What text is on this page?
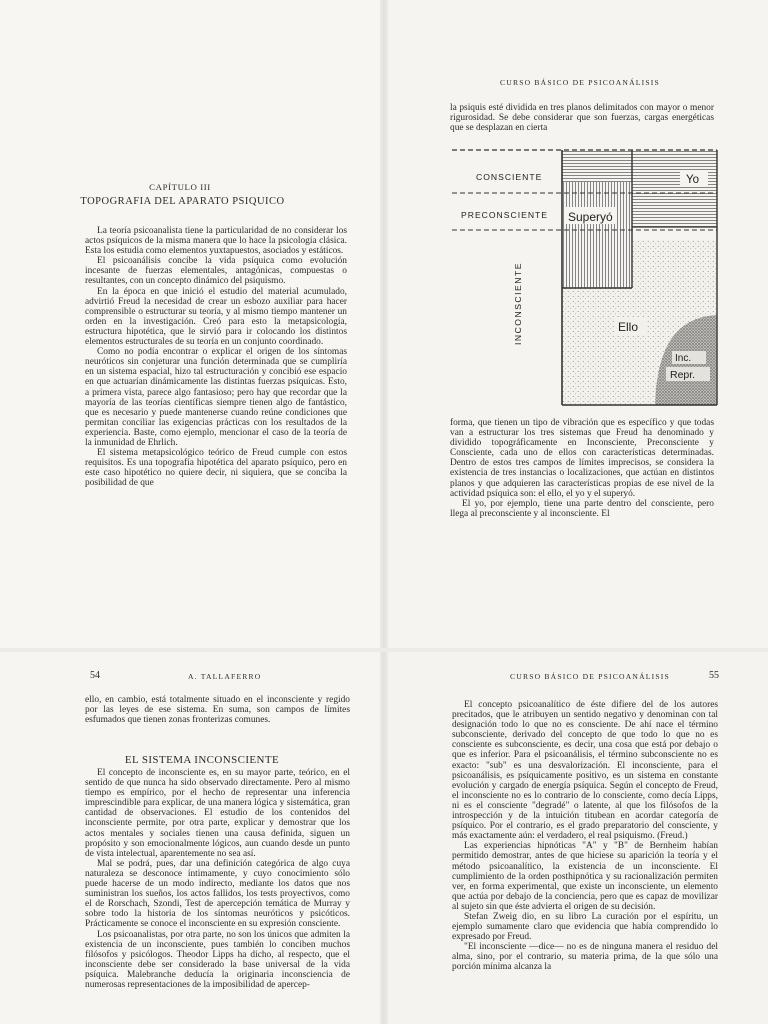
CAPÍTULO III
TOPOGRAFIA DEL APARATO PSIQUICO

La teoría psicoanalista tiene la particularidad de no considerar los actos psíquicos de la misma manera que lo hace la psicología clásica. Esta los estudia como elementos yuxtapuestos, asociados y estáticos.

El psicoanálisis concibe la vida psíquica como evolución incesante de fuerzas elementales, antagónicas, compuestas o resultantes, con un concepto dinámico del psiquismo.

En la época en que inició el estudio del material acumulado, advirtió Freud la necesidad de crear un esbozo auxiliar para hacer comprensible o estructurar su teoría, y al mismo tiempo mantener un orden en la investigación. Creó para esto la metapsicología, estructura hipotética, que le sirvió para ir colocando los distintos elementos estructurales de su teoría en un conjunto coordinado.

Como no podía encontrar o explicar el origen de los síntomas neuróticos sin conjeturar una función determinada que se cumpliría en un sistema espacial, hizo tal estructuración y concibió ese espacio en que actuarían dinámicamente las distintas fuerzas psíquicas. Esto, a primera vista, parece algo fantasioso; pero hay que recordar que la mayoría de las teorías científicas siempre tienen algo de fantástico, que es necesario y puede mantenerse cuando reúne condiciones que permitan conciliar las exigencias prácticas con los resultados de la experiencia. Baste, como ejemplo, mencionar el caso de la teoría de la inmunidad de Ehrlich.

El sistema metapsicológico teórico de Freud cumple con estos requisitos. Es una topografía hipotética del aparato psíquico, pero en este caso hipotético no quiere decir, ni siquiera, que se conciba la posibilidad de que

CURSO BÁSICO DE PSICOANÁLISIS

la psiquis esté dividida en tres planos delimitados con mayor o menor rigurosidad. Se debe considerar que son fuerzas, cargas energéticas que se desplazan en cierta

forma, que tienen un tipo de vibración que es específico y que todas van a estructurar los tres sistemas que Freud ha denominado y dividido topográficamente en Inconsciente, Preconsciente y Consciente, cada uno de ellos con características determinadas. Dentro de estos tres campos de límites imprecisos, se considera la existencia de tres instancias o localizaciones, que actúan en distintos planos y que adquieren las características propias de ese nivel de la actividad psíquica son: el ello, el yo y el superyó.

El yo, por ejemplo, tiene una parte dentro del consciente, pero llega al preconsciente y al inconsciente. El

CONSCIENTE
PRECONSCIENTE
INCONSCIENTE
Yo
Superyó
Ello
Inc.
Repr.
54	A. TALLAFERRO

ello, en cambio, está totalmente situado en el inconsciente y regido por las leyes de ese sistema. En suma, son campos de límites esfumados que tienen zonas fronterizas comunes.

El concepto de inconsciente es, en su mayor parte, teórico, en el sentido de que nunca ha sido observado directamente. Pero al mismo tiempo es empírico, por el hecho de representar una inferencia imprescindible para explicar, de una manera lógica y sistemática, gran cantidad de observaciones. El estudio de los contenidos del inconsciente permite, por otra parte, explicar y demostrar que los actos mentales y sociales tienen una causa definida, siguen un propósito y son emocionalmente lógicos, aun cuando desde un punto de vista intelectual, aparentemente no sea así.

Mal se podrá, pues, dar una definición categórica de algo cuya naturaleza se desconoce íntimamente, y cuyo conocimiento sólo puede hacerse de un modo indirecto, mediante los datos que nos suministran los sueños, los actos fallidos, los tests proyectivos, como el de Rorschach, Szondi, Test de apercepción temática de Murray y sobre todo la historia de los síntomas neuróticos y psicóticos. Prácticamente se conoce el inconsciente en su expresión consciente.

Los psicoanalistas, por otra parte, no son los únicos que admiten la existencia de un inconsciente, pues también lo conciben muchos filósofos y psicólogos. Theodor Lipps ha dicho, al respecto, que el inconsciente debe ser considerado la base universal de la vida psíquica. Malebranche deducía la originaria inconsciencia de numerosas representaciones de la imposibilidad de apercep-

EL SISTEMA INCONSCIENTE
CURSO BÁSICO DE PSICOANÁLISIS	55

El concepto psicoanalítico de éste difiere del de los autores precitados, que le atribuyen un sentido negativo y denominan con tal designación todo lo que no es consciente. De ahí nace el término subconsciente, derivado del concepto de que todo lo que no es consciente es subconsciente, es decir, una cosa que está por debajo o que es inferior. Para el psicoanálisis, el término subconsciente no es exacto: "sub" es una desvalorización. El inconsciente, para el psicoanálisis, es psíquicamente positivo, es un sistema en constante evolución y cargado de energía psíquica. Según el concepto de Freud, el inconsciente no es lo contrario de lo consciente, como decía Lipps, ni es el consciente "degradé" o latente, al que los filósofos de la introspección y de la intuición titubean en acordar categoría de psíquico. Por el contrario, es el grado preparatorio del consciente, y más exactamente aún: el verdadero, el real psiquismo. (Freud.)

Las experiencias hipnóticas "A" y "B" de Bernheim habían permitido demostrar, antes de que hiciese su aparición la teoría y el método psicoanalítico, la existencia de un inconsciente. El cumplimiento de la orden posthipnótica y su racionalización permiten ver, en forma experimental, que existe un inconsciente, un elemento que actúa por debajo de la conciencia, pero que es capaz de movilizar al sujeto sin que éste advierta el origen de su decisión.

Stefan Zweig dio, en su libro La curación por el espíritu, un ejemplo sumamente claro que evidencia que había comprendido lo expresado por Freud.

"El inconsciente —dice— no es de ninguna manera el residuo del alma, sino, por el contrario, su materia prima, de la que sólo una porción mínima alcanza la
